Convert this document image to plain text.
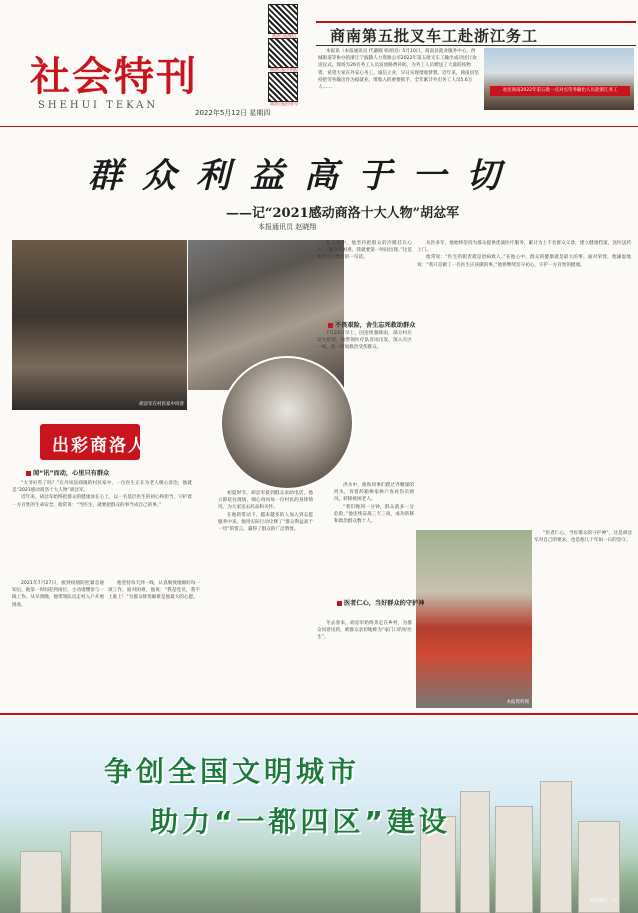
社会特刊
SHEHUI TEKAN
2022年5月12日 星期四
商洛日报微信
商洛日报手机报
商洛日报抖音号
商南第五批叉车工赴浙江务工
本报讯（本报通讯员 代谦刚 柏青园）5月10日，商南县就业服务中心、西城街道等协办的浙江宁波籍人力资源公司2022年第五批叉车工输出成功送行欢送仪式。现场为26名务工人员发放路费补助，为务工人员赠送了大量防疫物资，希望大家在外安心务工、诚信立业，早日实现增收梦想。近年来，商南县坚持把劳务输出作为稳就业、增收入的重要抓手，全年累计外出务工人员5.6万人……
欢送商南2022年第五批一点对点劳务输出人员赴浙江务工
群众利益高于一切
——记“2021感动商洛十大人物”胡忿军
本报通讯员 赵晓翔
胡忿军在村民家中问诊
本报资料图
出彩商洛人
闻“讯”而动，心里只有群众
不畏艰险，舍生忘死救助群众
医者仁心，当好群众的守护神

“大爷好些了吗？”在丹凤县商镇的村民家中，一位医生正在为老人细心诊治，他就是“2021感动商洛十大人物”胡忿军。

近年来，胡忿军始终把群众的健康放在心上，以一名基层医生的初心和担当，守护着一方百姓的生命安全。他常说：“当医生，就要把群众的事当成自己的事。”

2021年7月27日，接到疫情防控紧急通知后，他第一时间赶到岗位，主动请缨参与一线工作。从早到晚，他带领队员走村入户开展排查。

他坚持每天到一线，认真细致地做好每一项工作。面对困难，他说：“我是党员，我不上谁上！”为群众排忧解难是他最大的心愿。

初夏时节，胡忿军接到群众求助电话，他立即赶往现场，细心询问每一位村民的身体情况，为大家送去药品和关怀。

在他的带动下，越来越多的人加入到志愿服务中来。他用实际行动诠释了“群众利益高于一切”的誓言，赢得了群众的广泛赞誉。

在工作中，他坚持把群众的冷暖挂在心上，“群众有困难，我就要第一时间出现。”这是他常挂在嘴边的一句话。

7月23日早上，因连续强降雨，部分村庄发生险情，他带领医疗队冒雨出发，深入灾区一线，第一时间救治受伤群众。

洪水中，他和同事们蹚过齐腰深的河水，背着药箱挨家挨户查看伤员情况，转移被困老人。

“我们晚到一分钟，群众就多一分危险。”他连续奋战三天三夜，成功转移和救治群众数十人。

冬去春来，胡忿军始终奔走在乡村，为群众问诊送药，被群众亲切地称为“家门口的好医生”。

从医多年，他始终坚持为群众提供优质医疗服务，累计为上千名群众义诊，建立健康档案，送医送药上门。

他常说：“医生的职责就是治病救人。”在他心中，群众的健康就是最大的事。面对荣誉，他谦虚地说：“我只是做了一名医生应该做的事。”他将继续坚守初心，守护一方百姓的健康。

“医者仁心，当好群众的守护神”，这是胡忿军对自己的要求，也是他几十年如一日的坚守。

争创全国文明城市
助力“一都四区”建设
商洛城区一角
